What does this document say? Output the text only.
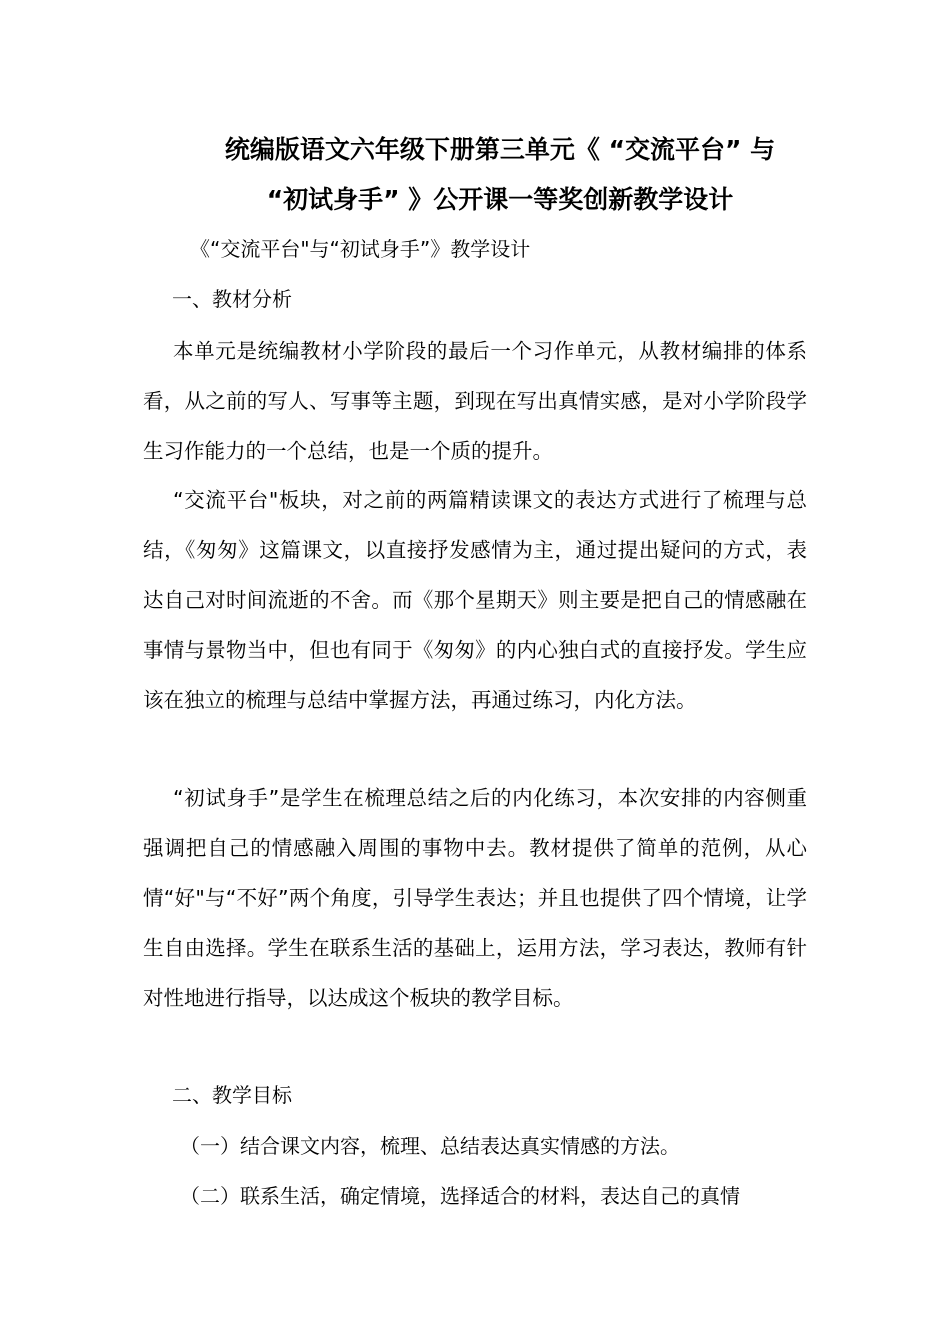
统编版语文六年级下册第三单元《 “交流平台” 与
“初试身手” 》公开课一等奖创新教学设计
《“交流平台"与“初试身手”》教学设计
一、教材分析
本单元是统编教材小学阶段的最后一个习作单元，从教材编排的体系看，从之前的写人、写事等主题，到现在写出真情实感，是对小学阶段学生习作能力的一个总结，也是一个质的提升。
“交流平台"板块，对之前的两篇精读课文的表达方式进行了梳理与总结，《匆匆》这篇课文，以直接抒发感情为主，通过提出疑问的方式，表达自己对时间流逝的不舍。而《那个星期天》则主要是把自己的情感融在事情与景物当中，但也有同于《匆匆》的内心独白式的直接抒发。学生应该在独立的梳理与总结中掌握方法，再通过练习，内化方法。
“初试身手”是学生在梳理总结之后的内化练习，本次安排的内容侧重强调把自己的情感融入周围的事物中去。教材提供了简单的范例，从心情“好"与“不好”两个角度，引导学生表达；并且也提供了四个情境，让学生自由选择。学生在联系生活的基础上，运用方法，学习表达，教师有针对性地进行指导，以达成这个板块的教学目标。
二、教学目标
（一）结合课文内容，梳理、总结表达真实情感的方法。
（二）联系生活，确定情境，选择适合的材料，表达自己的真情
